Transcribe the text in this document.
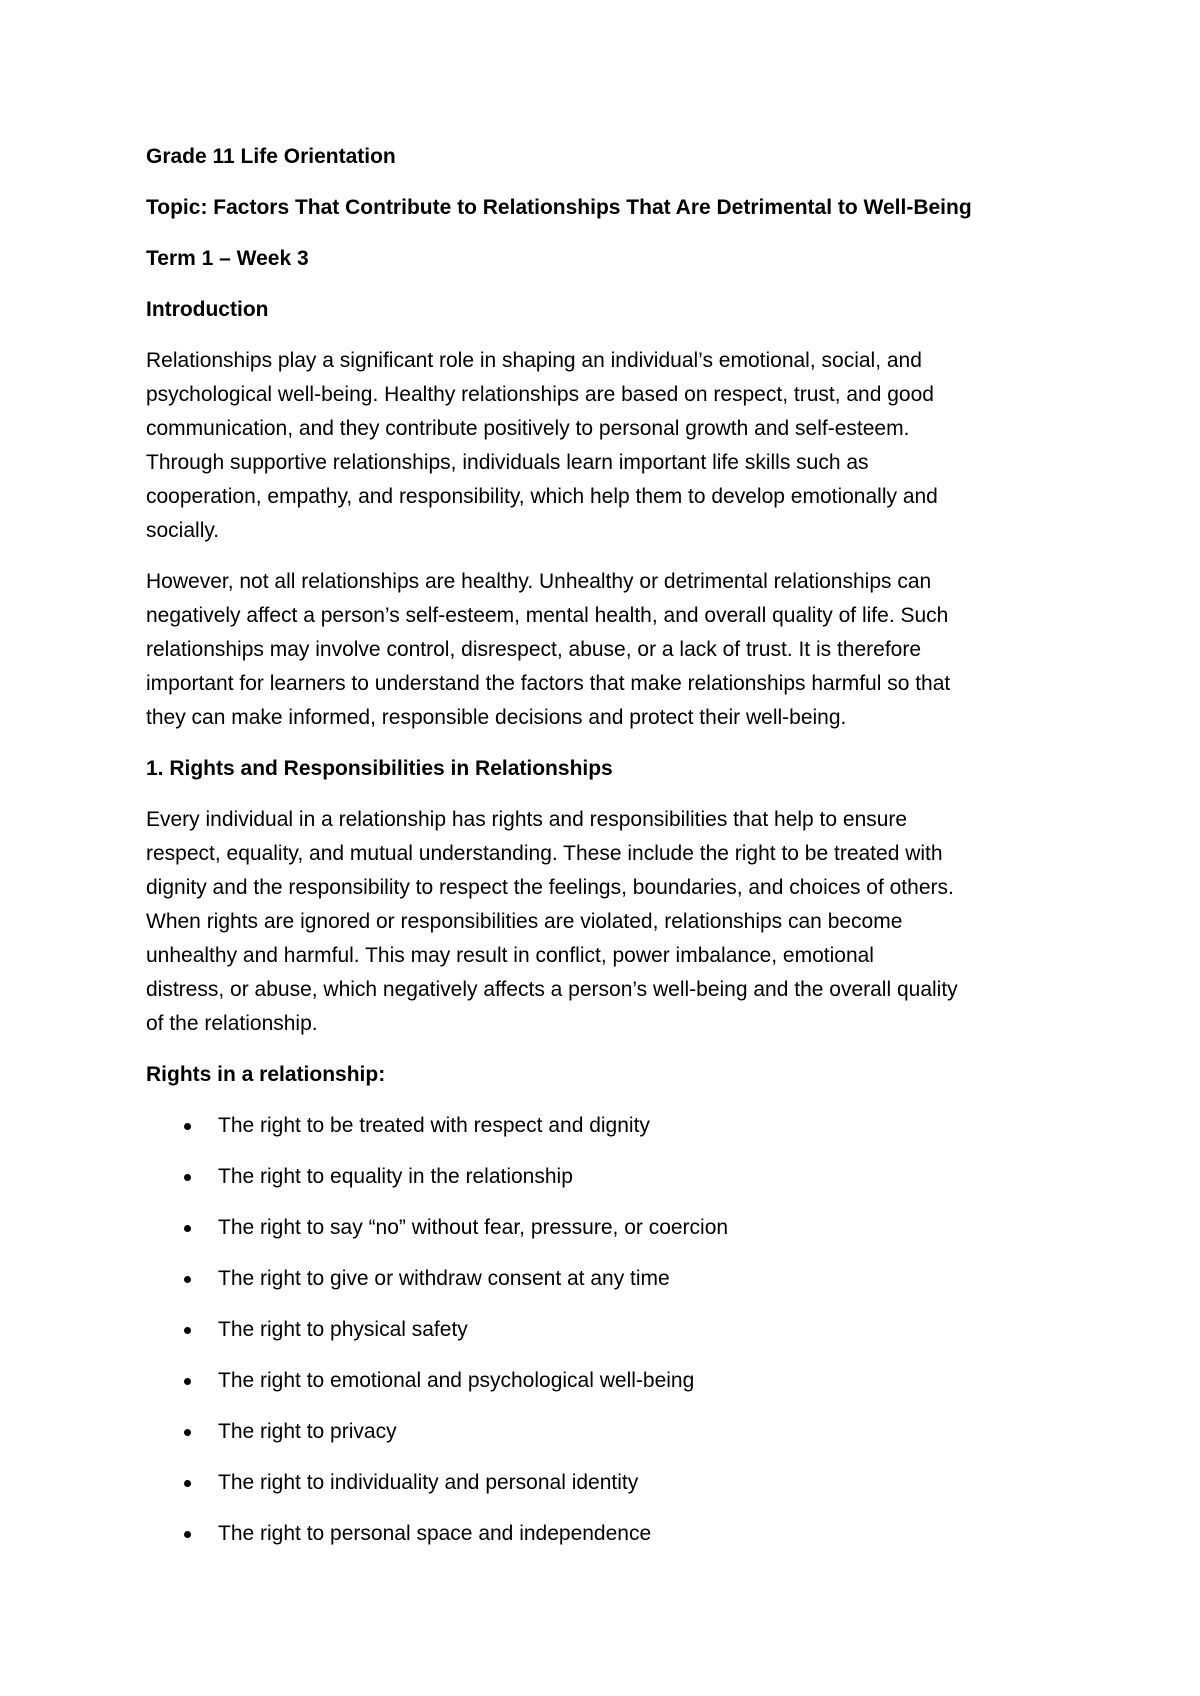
Grade 11 Life Orientation
Topic: Factors That Contribute to Relationships That Are Detrimental to Well-Being
Term 1 – Week 3
Introduction
Relationships play a significant role in shaping an individual’s emotional, social, and
psychological well-being. Healthy relationships are based on respect, trust, and good
communication, and they contribute positively to personal growth and self-esteem.
Through supportive relationships, individuals learn important life skills such as
cooperation, empathy, and responsibility, which help them to develop emotionally and
socially.
However, not all relationships are healthy. Unhealthy or detrimental relationships can
negatively affect a person’s self-esteem, mental health, and overall quality of life. Such
relationships may involve control, disrespect, abuse, or a lack of trust. It is therefore
important for learners to understand the factors that make relationships harmful so that
they can make informed, responsible decisions and protect their well-being.
1. Rights and Responsibilities in Relationships
Every individual in a relationship has rights and responsibilities that help to ensure
respect, equality, and mutual understanding. These include the right to be treated with
dignity and the responsibility to respect the feelings, boundaries, and choices of others.
When rights are ignored or responsibilities are violated, relationships can become
unhealthy and harmful. This may result in conflict, power imbalance, emotional
distress, or abuse, which negatively affects a person’s well-being and the overall quality
of the relationship.
Rights in a relationship:
The right to be treated with respect and dignity
The right to equality in the relationship
The right to say “no” without fear, pressure, or coercion
The right to give or withdraw consent at any time
The right to physical safety
The right to emotional and psychological well-being
The right to privacy
The right to individuality and personal identity
The right to personal space and independence
